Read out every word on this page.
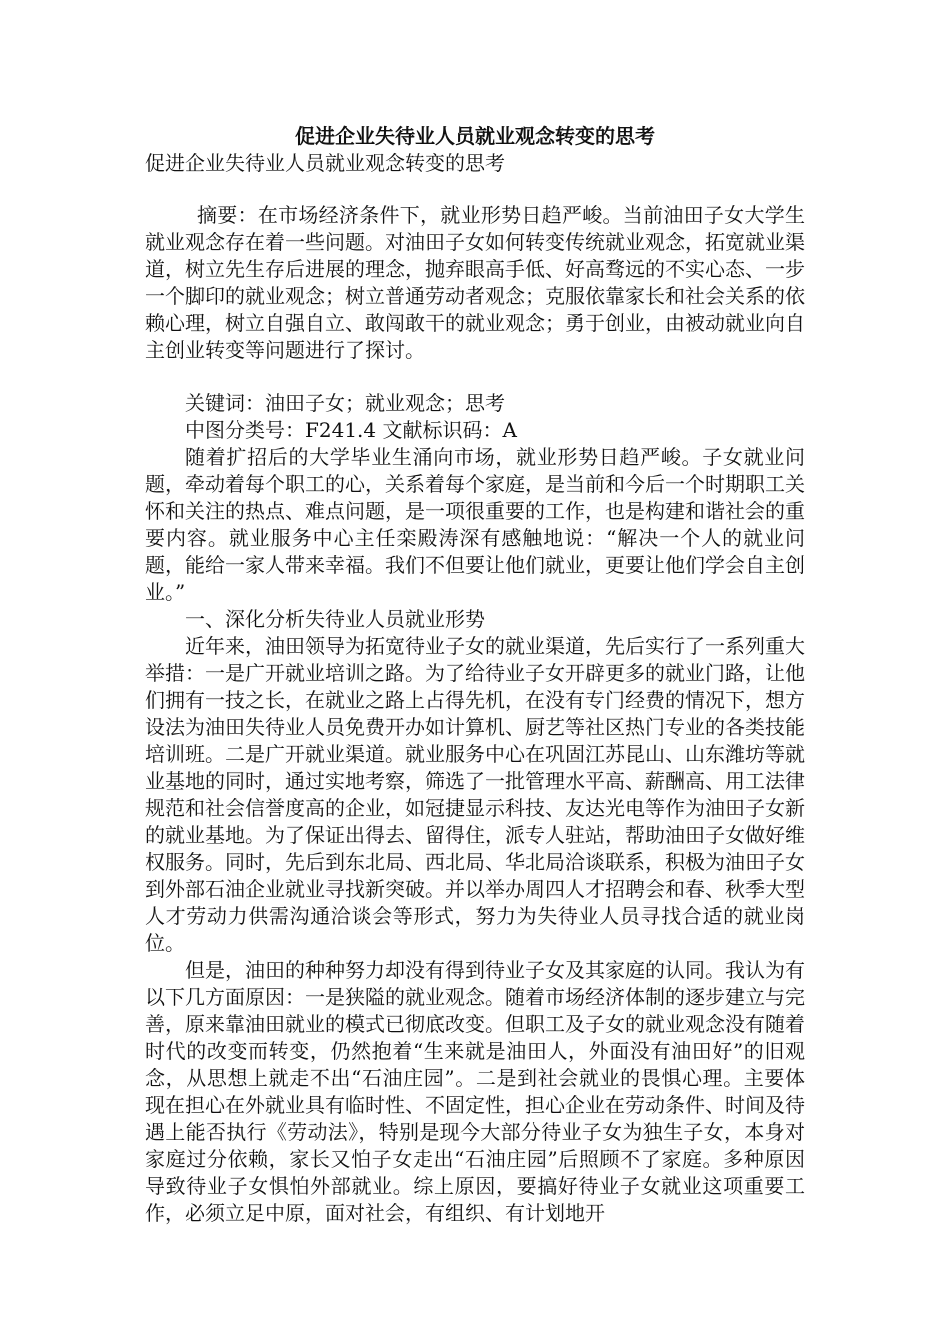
促进企业失待业人员就业观念转变的思考
促进企业失待业人员就业观念转变的思考

摘要：在市场经济条件下，就业形势日趋严峻。当前油田子女大学生就业观念存在着一些问题。对油田子女如何转变传统就业观念，拓宽就业渠道，树立先生存后进展的理念，抛弃眼高手低、好高骛远的不实心态、一步一个脚印的就业观念；树立普通劳动者观念；克服依靠家长和社会关系的依赖心理，树立自强自立、敢闯敢干的就业观念；勇于创业，由被动就业向自主创业转变等问题进行了探讨。

关键词：油田子女；就业观念；思考

中图分类号：F241.4 文献标识码：A

随着扩招后的大学毕业生涌向市场，就业形势日趋严峻。子女就业问题，牵动着每个职工的心，关系着每个家庭，是当前和今后一个时期职工关怀和关注的热点、难点问题，是一项很重要的工作，也是构建和谐社会的重要内容。就业服务中心主任栾殿涛深有感触地说：“解决一个人的就业问题，能给一家人带来幸福。我们不但要让他们就业，更要让他们学会自主创业。”

一、深化分析失待业人员就业形势

近年来，油田领导为拓宽待业子女的就业渠道，先后实行了一系列重大举措：一是广开就业培训之路。为了给待业子女开辟更多的就业门路，让他们拥有一技之长，在就业之路上占得先机，在没有专门经费的情况下，想方设法为油田失待业人员免费开办如计算机、厨艺等社区热门专业的各类技能培训班。二是广开就业渠道。就业服务中心在巩固江苏昆山、山东潍坊等就业基地的同时，通过实地考察，筛选了一批管理水平高、薪酬高、用工法律规范和社会信誉度高的企业，如冠捷显示科技、友达光电等作为油田子女新的就业基地。为了保证出得去、留得住，派专人驻站，帮助油田子女做好维权服务。同时，先后到东北局、西北局、华北局洽谈联系，积极为油田子女到外部石油企业就业寻找新突破。并以举办周四人才招聘会和春、秋季大型人才劳动力供需沟通洽谈会等形式，努力为失待业人员寻找合适的就业岗位。

但是，油田的种种努力却没有得到待业子女及其家庭的认同。我认为有以下几方面原因：一是狭隘的就业观念。随着市场经济体制的逐步建立与完善，原来靠油田就业的模式已彻底改变。但职工及子女的就业观念没有随着时代的改变而转变，仍然抱着“生来就是油田人，外面没有油田好”的旧观念，从思想上就走不出“石油庄园”。二是到社会就业的畏惧心理。主要体现在担心在外就业具有临时性、不固定性，担心企业在劳动条件、时间及待遇上能否执行《劳动法》，特别是现今大部分待业子女为独生子女，本身对家庭过分依赖，家长又怕子女走出“石油庄园”后照顾不了家庭。多种原因导致待业子女惧怕外部就业。综上原因，要搞好待业子女就业这项重要工作，必须立足中原，面对社会，有组织、有计划地开
